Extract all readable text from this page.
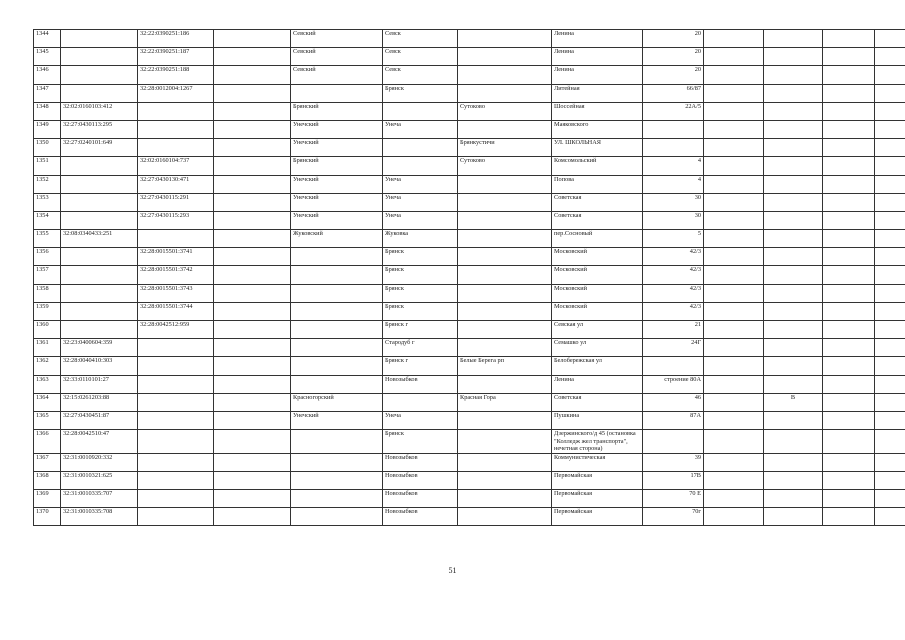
1344		32:22:0390251:186		Севский	Севск		Ленина	20				
1345		32:22:0390251:187		Севский	Севск		Ленина	20				
1346		32:22:0390251:188		Севский	Севск		Ленина	20				
1347		32:28:0012004:1267			Брянск		Литейная	66/87				
1348	32:02:0160103:412			Брянский		Сутоково	Шоссейная	22А/5				
1349	32:27:0430113:295			Унечский	Унеча		Маяковского					
1350	32:27:0240101:649			Унечский		Брянкустичи	УЛ. ШКОЛЬНАЯ					
1351		32:02:0160104:737		Брянский		Сутоково	Комсомольский	4				
1352		32:27:0430130:471		Унечский	Унеча		Попова	4				
1353		32:27:0430115:291		Унечский	Унеча		Советская	30				
1354		32:27:0430115:293		Унечский	Унеча		Советская	30				
1355	32:08:0340433:251			Жуковский	Жуковка		пер.Сосновый	5				
1356		32:28:0015501:3741			Брянск		Московский	42/3				
1357		32:28:0015501:3742			Брянск		Московский	42/3				
1358		32:28:0015501:3743			Брянск		Московский	42/3				
1359		32:28:0015501:3744			Брянск		Московский	42/3				
1360		32:28:0042512:959			Брянск г		Севская ул	21				
1361	32:23:0400604:359				Стародуб г		Семашко ул	24Г				
1362	32:28:0040410:303				Брянск г	Белые Берега рп	Белобережская ул					
1363	32:33:0110101:27				Новозыбков		Ленина	строение 80А				
1364	32:15:0261203:88			Красногорский		Красная Гора	Советская	46		В		
1365	32:27:0430451:87			Унечский	Унеча		Пушкина	87А				
1366	32:28:0042510:47				Брянск		Дзержинского/д 45 (остановка "Колледж жел транспорта", нечетная сторона)					
1367	32:31:0010920:332				Новозыбков		Коммунистическая	39				
1368	32:31:0010321:625				Новозыбков		Первомайская	17В				
1369	32:31:0010335:707				Новозыбков		Первомайская	70 Е				
1370	32:31:0010335:708				Новозыбков		Первомайская	70г				
51
